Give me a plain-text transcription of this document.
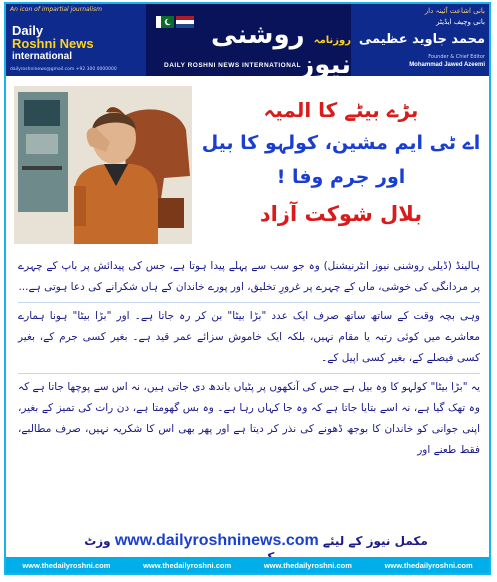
An icon of impartial journalism
Daily
Roshni News
international
dailyroshninews@gmail.com +92 300 0000000
روزنامہ روشنی نیوز انٹرنیشنل
DAILY ROSHNI NEWS INTERNATIONAL
بانی اشاعت آئینہ دار
بانی وچیف ایڈیٹر
محمد جاوید عظیمی
Founder & Chief Editor
Mohammad Jawed Azeemi
بڑے بیٹے کا المیہ
اے ٹی ایم مشین، کولہو کا بیل اور جرم وفا !
بلال شوکت آزاد

ہالینڈ (ڈیلی روشنی نیوز انٹرنیشنل) وہ جو سب سے پہلے پیدا ہوتا ہے، جس کی پیدائش پر باپ کے چہرے پر مردانگی کی خوشی، ماں کے چہرے پر غرورِ تخلیق، اور پورے خاندان کے ہاں شکرانے کی دعا ہوتی ہے...

وہی بچہ وقت کے ساتھ ساتھ صرف ایک عدد "بڑا بیٹا" بن کر رہ جاتا ہے۔ اور "بڑا بیٹا" ہونا ہمارے معاشرے میں کوئی رتبہ یا مقام نہیں، بلکہ ایک خاموش سزائے عمر قید ہے۔ بغیر کسی جرم کے، بغیر کسی فیصلے کے، بغیر کسی اپیل کے۔

یہ "بڑا بیٹا" کولہو کا وہ بیل ہے جس کی آنکھوں پر پٹیاں باندھ دی جاتی ہیں، نہ اس سے پوچھا جاتا ہے کہ وہ تھک گیا ہے، نہ اسے بتایا جاتا ہے کہ وہ جا کہاں رہا ہے۔ وہ بس گھومتا ہے، دن رات کی تمیز کے بغیر، اپنی جوانی کو خاندان کا بوجھ ڈھونے کی نذر کر دیتا ہے اور پھر بھی اس کا شکریہ نہیں، صرف مطالبے، فقط طعنے اور

مکمل نیوز کے لیئے www.dailyroshninews.com وزٹ
www.thedailyroshni.com	www.thedailyroshni.com	www.thedailyroshni.com	www.thedailyroshni.com
